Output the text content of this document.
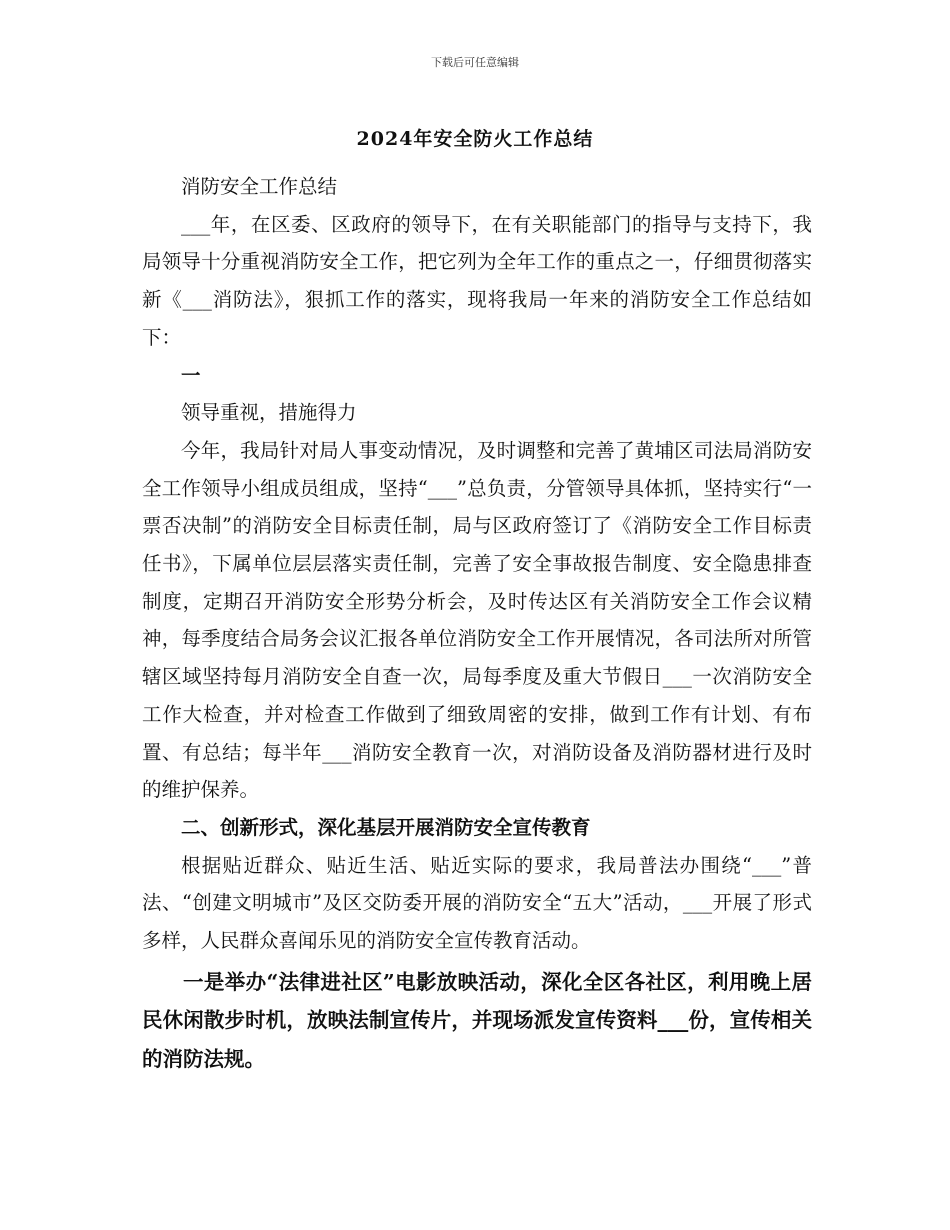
下载后可任意编辑
2024年安全防火工作总结

消防安全工作总结

___年，在区委、区政府的领导下，在有关职能部门的指导与支持下，我局领导十分重视消防安全工作，把它列为全年工作的重点之一，仔细贯彻落实新《___消防法》，狠抓工作的落实，现将我局一年来的消防安全工作总结如下：

一

领导重视，措施得力

今年，我局针对局人事变动情况，及时调整和完善了黄埔区司法局消防安全工作领导小组成员组成，坚持“___”总负责，分管领导具体抓，坚持实行“一票否决制”的消防安全目标责任制，局与区政府签订了《消防安全工作目标责任书》，下属单位层层落实责任制，完善了安全事故报告制度、安全隐患排查制度，定期召开消防安全形势分析会，及时传达区有关消防安全工作会议精神，每季度结合局务会议汇报各单位消防安全工作开展情况，各司法所对所管辖区域坚持每月消防安全自查一次，局每季度及重大节假日___一次消防安全工作大检查，并对检查工作做到了细致周密的安排，做到工作有计划、有布置、有总结；每半年___消防安全教育一次，对消防设备及消防器材进行及时的维护保养。

二、创新形式，深化基层开展消防安全宣传教育

根据贴近群众、贴近生活、贴近实际的要求，我局普法办围绕“___”普法、“创建文明城市”及区交防委开展的消防安全“五大”活动，___开展了形式多样，人民群众喜闻乐见的消防安全宣传教育活动。

一是举办“法律进社区”电影放映活动，深化全区各社区，利用晚上居民休闲散步时机，放映法制宣传片，并现场派发宣传资料___份，宣传相关的消防法规。
